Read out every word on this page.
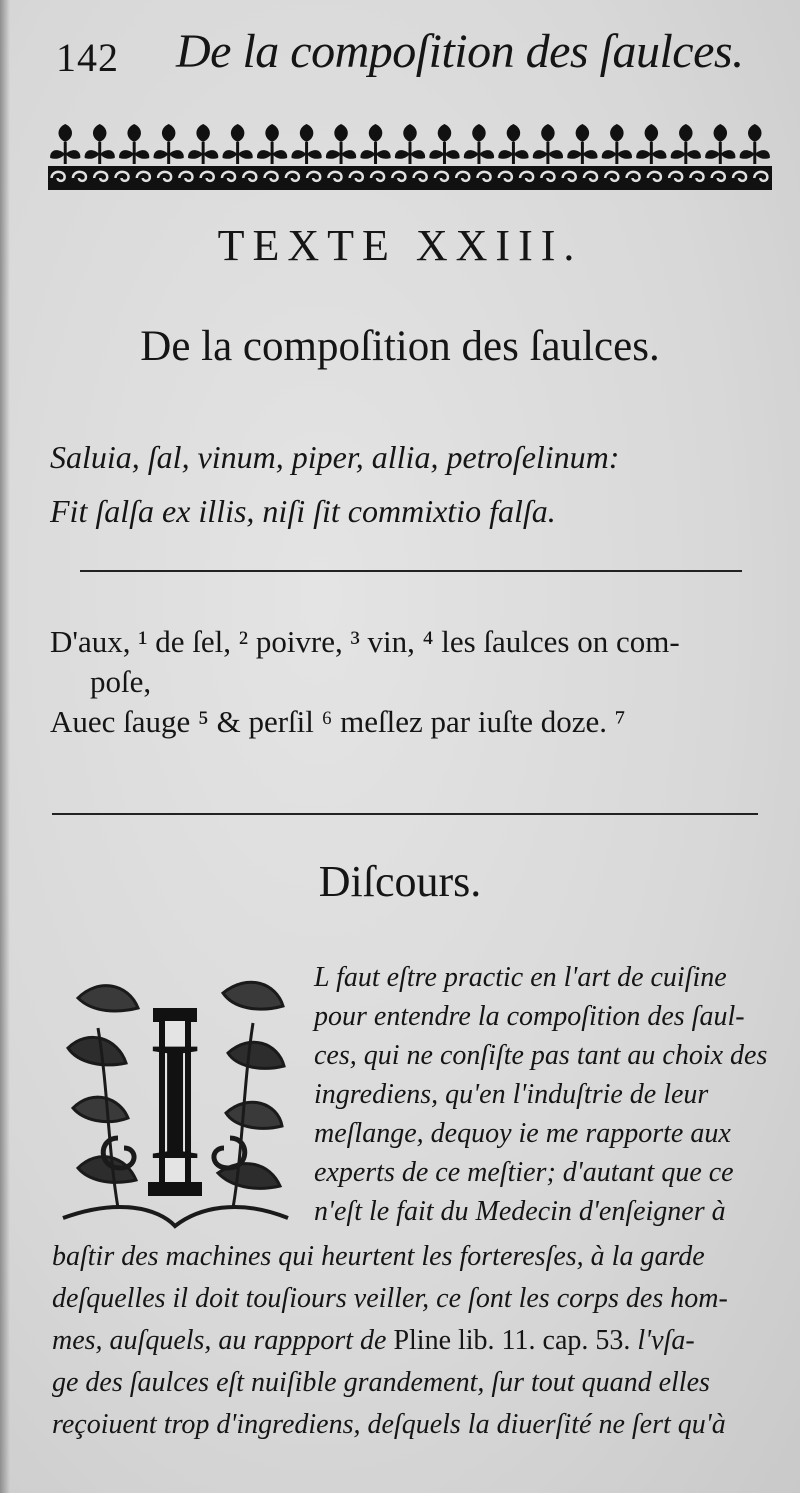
142 De la compoſition des ſaulces.
TEXTE XXIII.
De la compoſition des ſaulces.
Saluia, ſal, vinum, piper, allia, petroſelinum:
Fit ſalſa ex illis, niſi ſit commixtio falſa.
D'aux, ¹ de ſel, ² poivre, ³ vin, ⁴ les ſaulces on com-
poſe,
Auec ſauge ⁵ & perſil ⁶ meſlez par iuſte doze. ⁷
Diſcours.
I
L faut eſtre practic en l'art de cuiſine
pour entendre la compoſition des ſaul-
ces, qui ne conſiſte pas tant au choix des
ingrediens, qu'en l'induſtrie de leur
meſlange, dequoy ie me rapporte aux
experts de ce meſtier; d'autant que ce
n'eſt le fait du Medecin d'enſeigner à
baſtir des machines qui heurtent les forteresſes, à la garde
deſquelles il doit touſiours veiller, ce ſont les corps des hom-
mes, auſquels, au rappport de Pline lib. 11. cap. 53. l'vſa-
ge des ſaulces eſt nuiſible grandement, ſur tout quand elles
reçoiuent trop d'ingrediens, deſquels la diuerſité ne ſert qu'à
